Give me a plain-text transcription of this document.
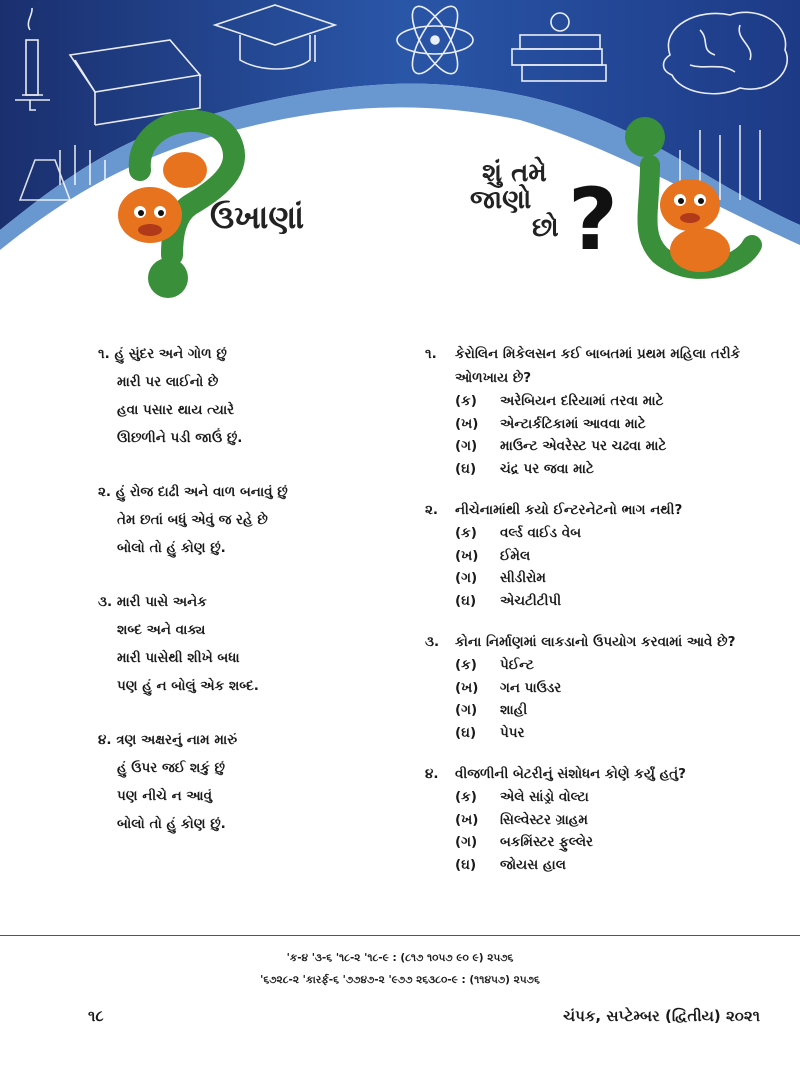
ઉખાણાં
શું તમે
જાણો
છો ?
૧. હું સુંદર અને ગોળ છું
મારી પર લાઈનો છે
હવા પસાર થાય ત્યારે
ઊછળીને પડી જાઉં છું.
૨. હું રોજ દાઢી અને વાળ બનાવું છું
તેમ છતાં બધું એવું જ રહે છે
બોલો તો હું કોણ છું.
૩. મારી પાસે અનેક
શબ્દ અને વાક્ય
મારી પાસેથી શીખે બધા
પણ હું ન બોલું એક શબ્દ.
૪. ત્રણ અક્ષરનું નામ મારું
હું ઉપર જઈ શકું છું
પણ નીચે ન આવું
બોલો તો હું કોણ છું.
૧.	કેરોલિન મિકેલસન કઈ બાબતમાં પ્રથમ મહિલા તરીકે ઓળખાય છે?
(ક)	અરેબિયન દરિયામાં તરવા માટે
(ખ)	એન્ટાર્કટિકામાં આવવા માટે
(ગ)	માઉન્ટ એવરેસ્ટ પર ચઢવા માટે
(ઘ)	ચંદ્ર પર જવા માટે
૨.	નીચેનામાંથી કયો ઈન્ટરનેટનો ભાગ નથી?
(ક)	વર્લ્ડ વાઈડ વેબ
(ખ)	ઈમેલ
(ગ)	સીડીરોમ
(ઘ)	એચટીટીપી
૩.	કોના નિર્માણમાં લાકડાનો ઉપયોગ કરવામાં આવે છે?
(ક)	પેઈન્ટ
(ખ)	ગન પાઉડર
(ગ)	શાહી
(ઘ)	પેપર
૪.	વીજળીની બેટરીનું સંશોધન કોણે કર્યું હતું?
(ક)	એલે સાંડ્રો વોલ્ટા
(ખ)	સિલ્વેસ્ટર ગ્રાહમ
(ગ)	બકમિંસ્ટર ફુલ્લેર
(ઘ)	જોયસ હાલ
'ક-૪ '૩-૬ '૧૮-૨ '૧૮-૯ : (૮૧૭ ૧૦૫૭ ૯૦ ૯) ૨૫૭૬
'૬૭૨૮-૨ 'કારર્ફ-૬ '૭૭૪૭-૨ '૯૭૭ ૨૬૩૮૦-૯ : (૧૧૪૫૭) ૨૫૭૬
૧૮	ચંપક, સપ્ટેમ્બર (દ્વિતીય) ૨૦૨૧
